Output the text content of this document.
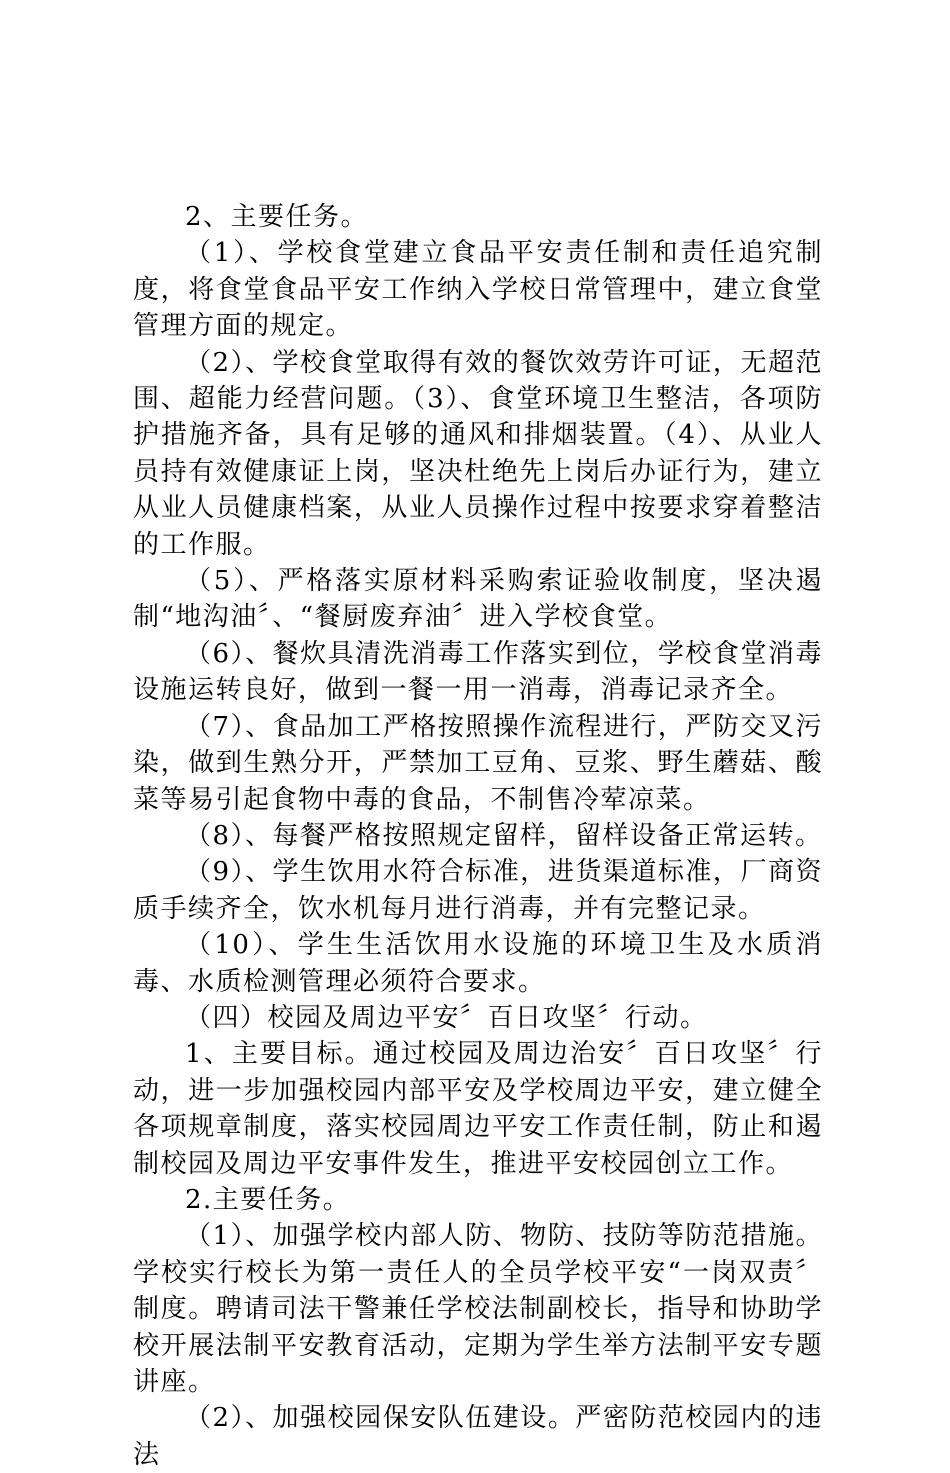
2、主要任务。

（1）、学校食堂建立食品平安责任制和责任追究制度，将食堂食品平安工作纳入学校日常管理中，建立食堂管理方面的规定。

（2）、学校食堂取得有效的餐饮效劳许可证，无超范围、超能力经营问题。（3）、食堂环境卫生整洁，各项防护措施齐备，具有足够的通风和排烟装置。（4）、从业人员持有效健康证上岗，坚决杜绝先上岗后办证行为，建立从业人员健康档案，从业人员操作过程中按要求穿着整洁的工作服。

（5）、严格落实原材料采购索证验收制度，坚决遏制“地沟油〞、“餐厨废弃油〞进入学校食堂。

（6）、餐炊具清洗消毒工作落实到位，学校食堂消毒设施运转良好，做到一餐一用一消毒，消毒记录齐全。

（7）、食品加工严格按照操作流程进行，严防交叉污染，做到生熟分开，严禁加工豆角、豆浆、野生蘑菇、酸菜等易引起食物中毒的食品，不制售冷荤凉菜。

（8）、每餐严格按照规定留样，留样设备正常运转。

（9）、学生饮用水符合标准，进货渠道标准，厂商资质手续齐全，饮水机每月进行消毒，并有完整记录。

（10）、学生生活饮用水设施的环境卫生及水质消毒、水质检测管理必须符合要求。

（四）校园及周边平安〞百日攻坚〞行动。

1、主要目标。通过校园及周边治安〞百日攻坚〞行动，进一步加强校园内部平安及学校周边平安，建立健全各项规章制度，落实校园周边平安工作责任制，防止和遏制校园及周边平安事件发生，推进平安校园创立工作。

2.主要任务。

（1）、加强学校内部人防、物防、技防等防范措施。学校实行校长为第一责任人的全员学校平安“一岗双责〞制度。聘请司法干警兼任学校法制副校长，指导和协助学校开展法制平安教育活动，定期为学生举方法制平安专题讲座。

（2）、加强校园保安队伍建设。严密防范校园内的违法
